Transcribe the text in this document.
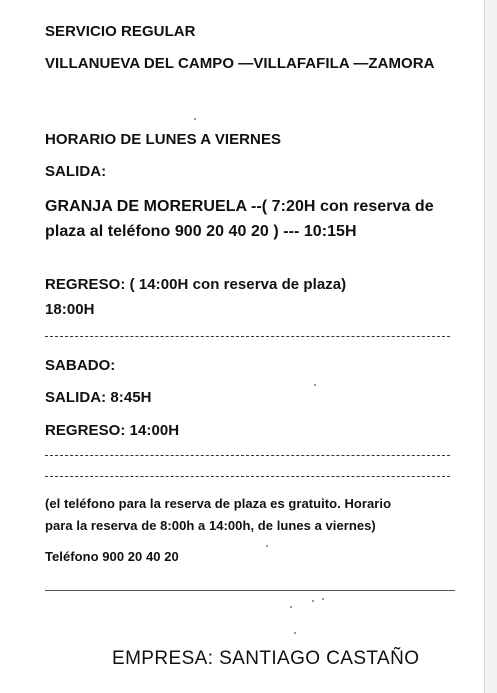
SERVICIO REGULAR
VILLANUEVA DEL CAMPO —VILLAFAFILA —ZAMORA
HORARIO DE LUNES A VIERNES
SALIDA:
GRANJA DE MORERUELA --( 7:20H con reserva de
plaza al teléfono 900 20 40 20 ) --- 10:15H
REGRESO: ( 14:00H con reserva de plaza)
18:00H
SABADO:
SALIDA: 8:45H
REGRESO: 14:00H
(el teléfono para la reserva de plaza es gratuito. Horario
para la reserva de 8:00h a 14:00h, de lunes a viernes)
Teléfono 900 20 40 20
EMPRESA: SANTIAGO CASTAÑO
